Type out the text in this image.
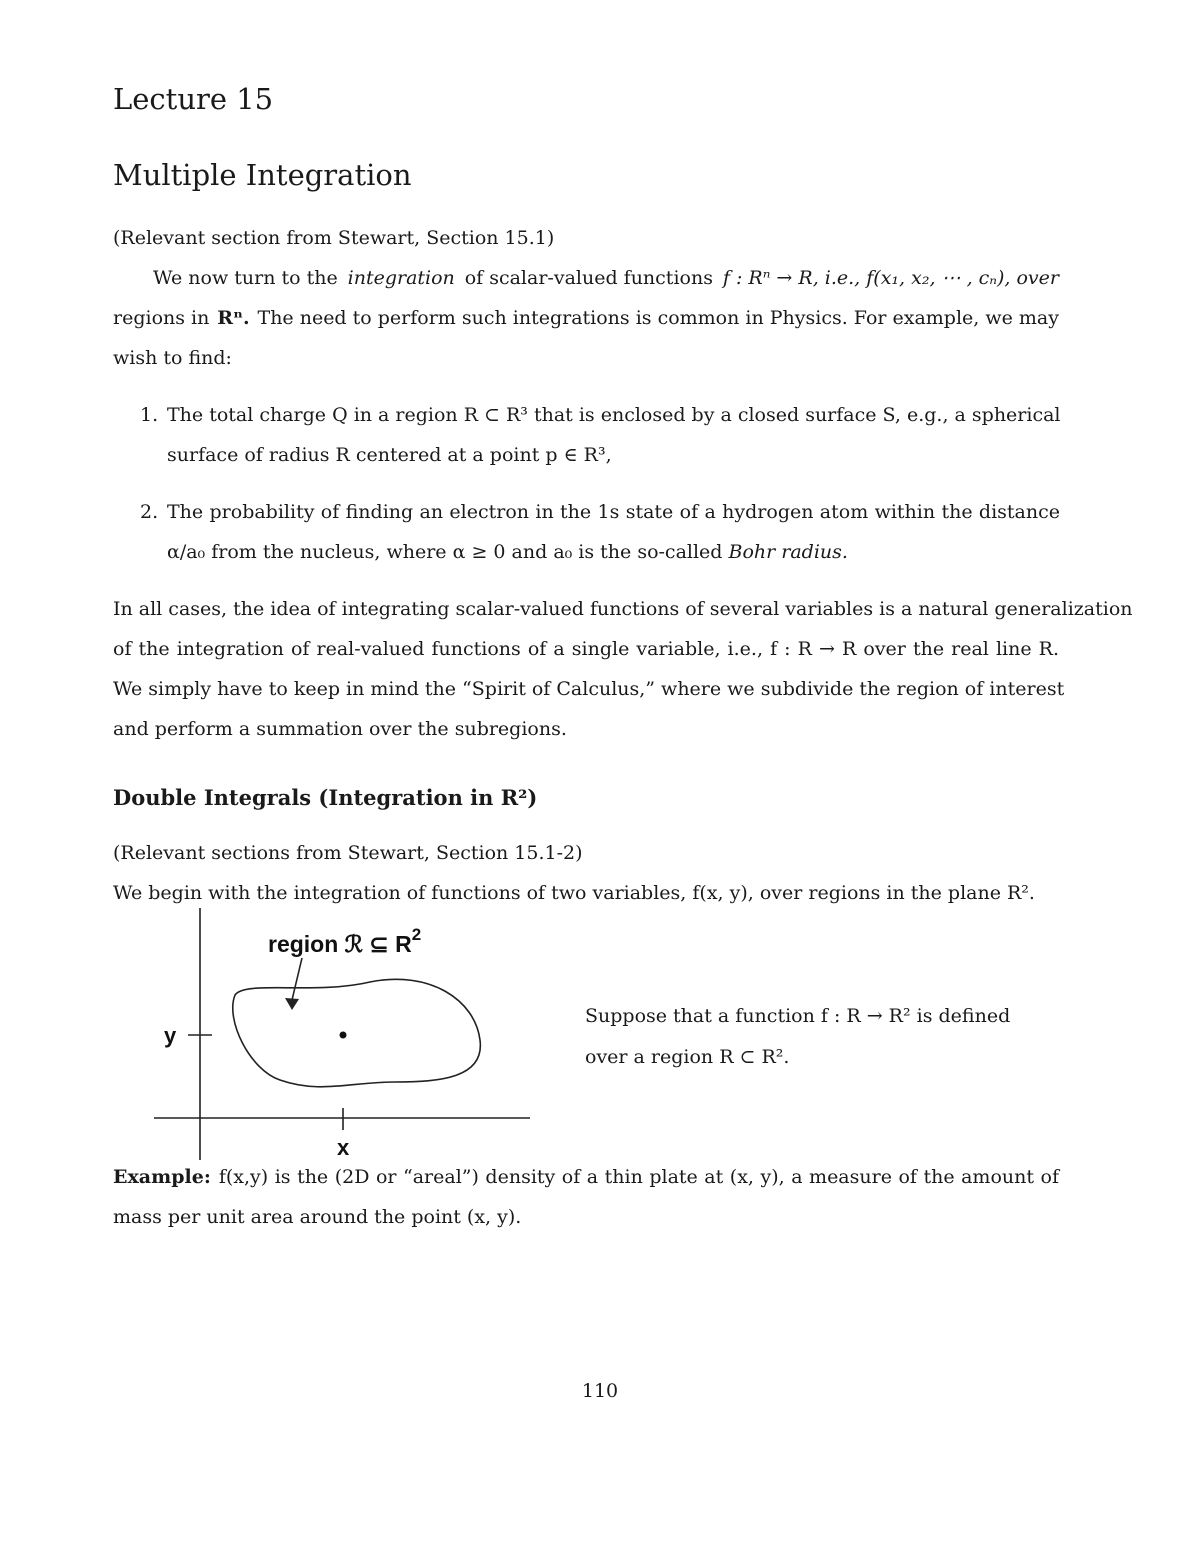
Lecture 15
Multiple Integration
(Relevant section from Stewart, Section 15.1)
We now turn to the integration of scalar-valued functions f : Rⁿ → R, i.e., f(x₁, x₂, ⋯ , cₙ), over
regions in Rⁿ. The need to perform such integrations is common in Physics. For example, we may
wish to find:
1. The total charge Q in a region R ⊂ R³ that is enclosed by a closed surface S, e.g., a spherical
surface of radius R centered at a point p ∈ R³,
2. The probability of finding an electron in the 1s state of a hydrogen atom within the distance
α/a₀ from the nucleus, where α ≥ 0 and a₀ is the so-called Bohr radius.
In all cases, the idea of integrating scalar-valued functions of several variables is a natural generalization
of the integration of real-valued functions of a single variable, i.e., f : R → R over the real line R.
We simply have to keep in mind the “Spirit of Calculus,” where we subdivide the region of interest
and perform a summation over the subregions.
Double Integrals (Integration in R²)
(Relevant sections from Stewart, Section 15.1-2)
We begin with the integration of functions of two variables, f(x, y), over regions in the plane R².
region ℛ ⊆ $R^2$
y
x
Suppose that a function f : R → R² is defined
over a region R ⊂ R².
Example: f(x,y) is the (2D or “areal”) density of a thin plate at (x, y), a measure of the amount of
mass per unit area around the point (x, y).
110
